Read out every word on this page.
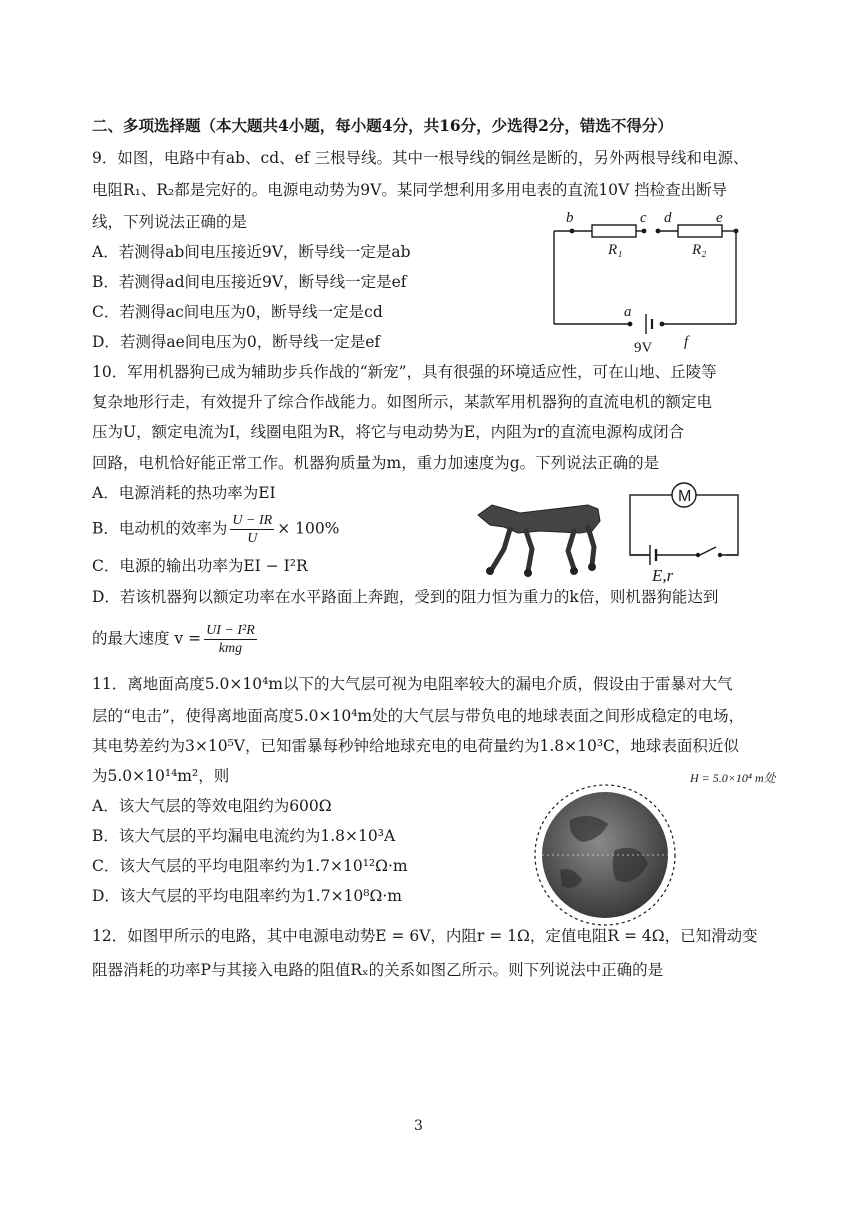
二、多项选择题（本大题共4小题，每小题4分，共16分，少选得2分，错选不得分）
9．如图，电路中有ab、cd、ef 三根导线。其中一根导线的铜丝是断的，另外两根导线和电源、
电阻R₁、R₂都是完好的。电源电动势为9V。某同学想利用多用电表的直流10V 挡检查出断导
线，下列说法正确的是
A．若测得ab间电压接近9V，断导线一定是ab
B．若测得ad间电压接近9V，断导线一定是ef
C．若测得ac间电压为0，断导线一定是cd
D．若测得ae间电压为0，断导线一定是ef
b	c d	e
R₁	R₂
a
f
9V
10．军用机器狗已成为辅助步兵作战的“新宠”，具有很强的环境适应性，可在山地、丘陵等
复杂地形行走，有效提升了综合作战能力。如图所示，某款军用机器狗的直流电机的额定电
压为U，额定电流为I，线圈电阻为R，将它与电动势为E，内阻为r的直流电源构成闭合
回路，电机恰好能正常工作。机器狗质量为m，重力加速度为g。下列说法正确的是
A．电源消耗的热功率为EI
B．电动机的效率为 $\frac{U - IR}{U} \times 100\%$
C．电源的输出功率为EI − I²R
D．若该机器狗以额定功率在水平路面上奔跑，受到的阻力恒为重力的k倍，则机器狗能达到
的最大速度 $v = \frac{\text{UI − I²R}}{\text{kmg}}$
M
E,r
11．离地面高度5.0×10⁴m以下的大气层可视为电阻率较大的漏电介质，假设由于雷暴对大气
层的“电击”，使得离地面高度5.0×10⁴m处的大气层与带负电的地球表面之间形成稳定的电场，
其电势差约为3×10⁵V，已知雷暴每秒钟给地球充电的电荷量约为1.8×10³C，地球表面积近似
为5.0×10¹⁴m²，则
A．该大气层的等效电阻约为600Ω
B．该大气层的平均漏电电流约为1.8×10³A
C．该大气层的平均电阻率约为1.7×10¹²Ω·m
D．该大气层的平均电阻率约为1.7×10⁸Ω·m
H = 5.0×10⁴ m处
12．如图甲所示的电路，其中电源电动势E = 6V，内阻r = 1Ω，定值电阻R = 4Ω，已知滑动变
阻器消耗的功率P与其接入电路的阻值Rₓ的关系如图乙所示。则下列说法中正确的是
3
